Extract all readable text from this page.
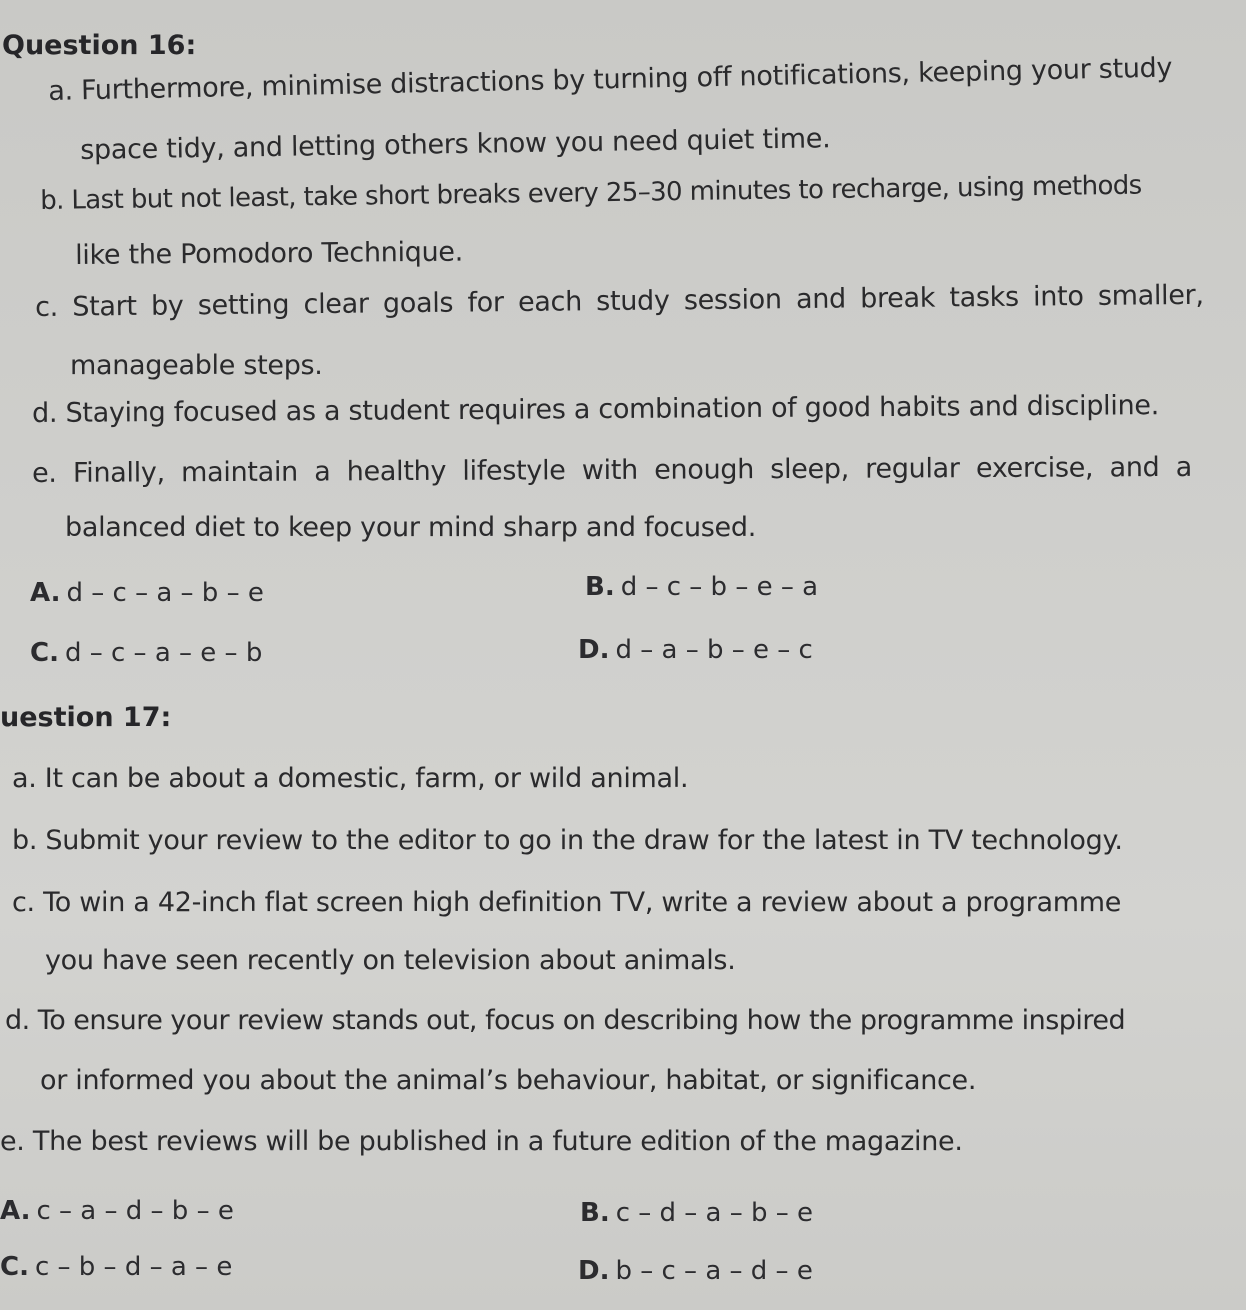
Question 16:
a. Furthermore, minimise distractions by turning off notifications, keeping your study
space tidy, and letting others know you need quiet time.
b. Last but not least, take short breaks every 25–30 minutes to recharge, using methods
like the Pomodoro Technique.
c. Start by setting clear goals for each study session and break tasks into smaller,
manageable steps.
d. Staying focused as a student requires a combination of good habits and discipline.
e. Finally, maintain a healthy lifestyle with enough sleep, regular exercise, and a
balanced diet to keep your mind sharp and focused.
A. d – c – a – b – e	B. d – c – b – e – a
C. d – c – a – e – b	D. d – a – b – e – c
uestion 17:
a. It can be about a domestic, farm, or wild animal.
b. Submit your review to the editor to go in the draw for the latest in TV technology.
c. To win a 42-inch flat screen high definition TV, write a review about a programme
you have seen recently on television about animals.
d. To ensure your review stands out, focus on describing how the programme inspired
or informed you about the animal’s behaviour, habitat, or significance.
e. The best reviews will be published in a future edition of the magazine.
A. c – a – d – b – e	B. c – d – a – b – e
C. c – b – d – a – e	D. b – c – a – d – e
